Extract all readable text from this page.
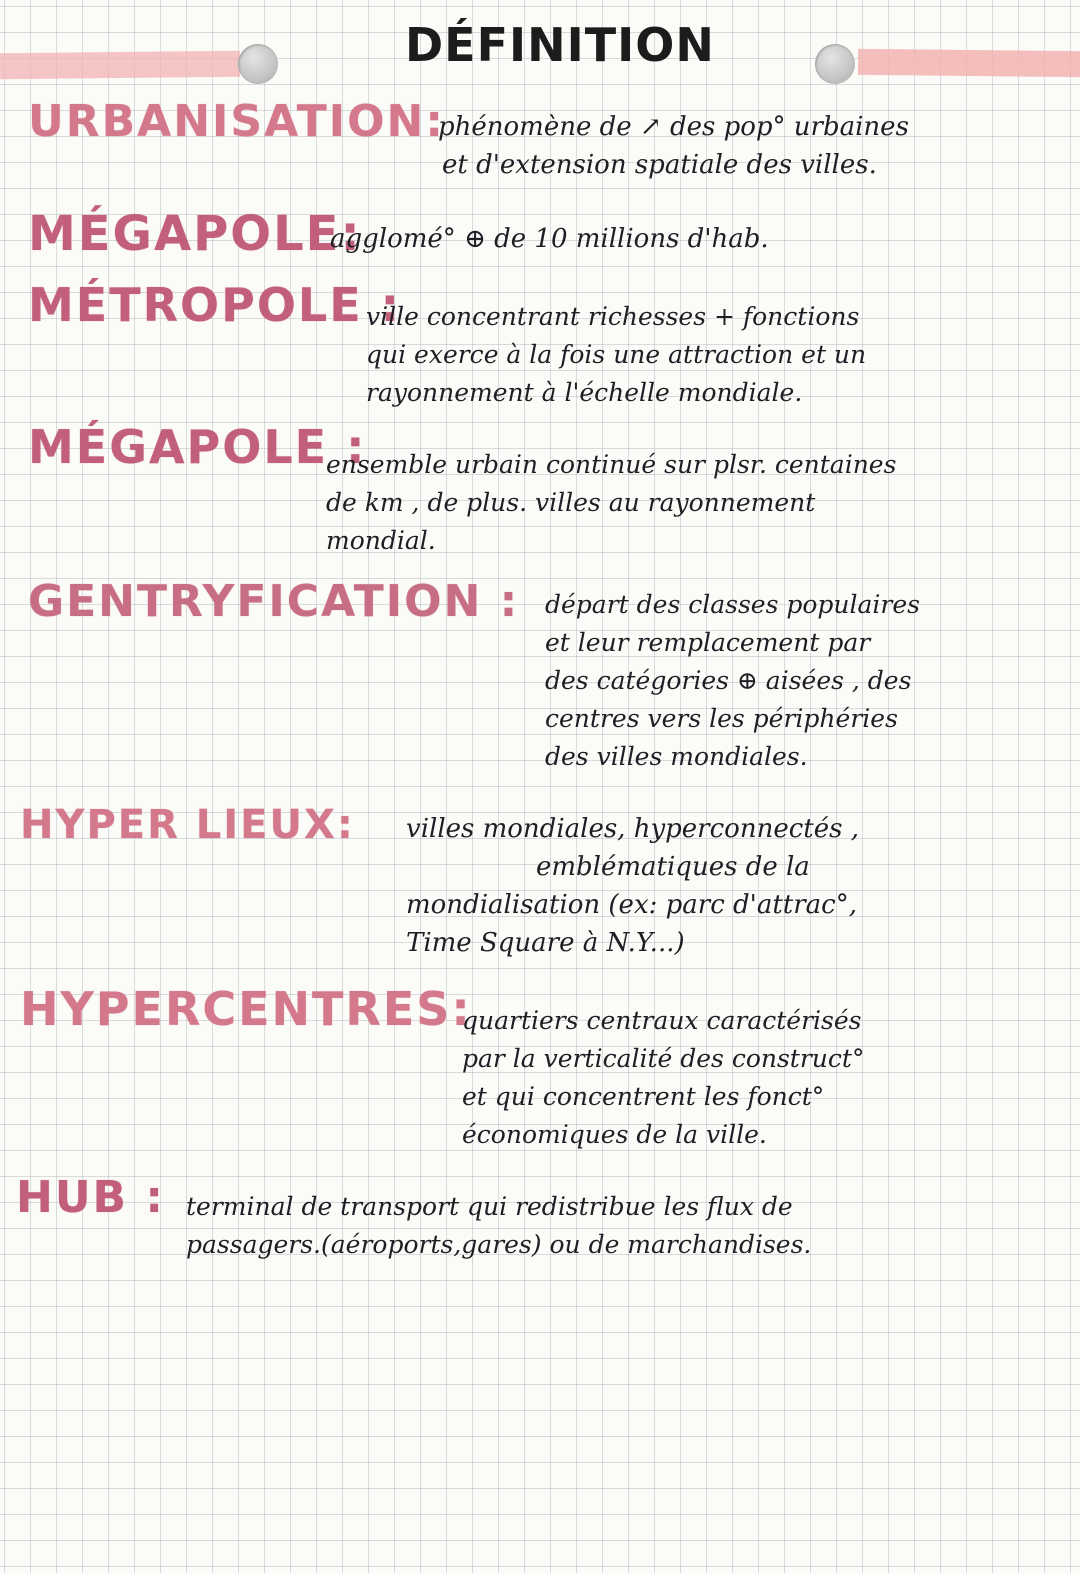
DÉFINITION
URBANISATION:
phénomène de ↗ des pop° urbaines
et d'extension spatiale des villes.
MÉGAPOLE:
agglomé° ⊕ de 10 millions d'hab.
MÉTROPOLE :
ville concentrant richesses + fonctions
qui exerce à la fois une attraction et un
rayonnement à l'échelle mondiale.
MÉGAPOLE :
ensemble urbain continué sur plsr. centaines
de km , de plus. villes au rayonnement
mondial.
GENTRYFICATION : départ des classes populaires
et leur remplacement par
des catégories ⊕ aisées , des
centres vers les périphéries
des villes mondiales.
HYPER LIEUX: villes mondiales, hyperconnectés ,
emblématiques de la
mondialisation (ex: parc d'attrac°,
Time Square à N.Y...)
HYPERCENTRES:
quartiers centraux caractérisés
par la verticalité des construct°
et qui concentrent les fonct°
économiques de la ville.
HUB : terminal de transport qui redistribue les flux de
passagers.(aéroports,gares) ou de marchandises.
